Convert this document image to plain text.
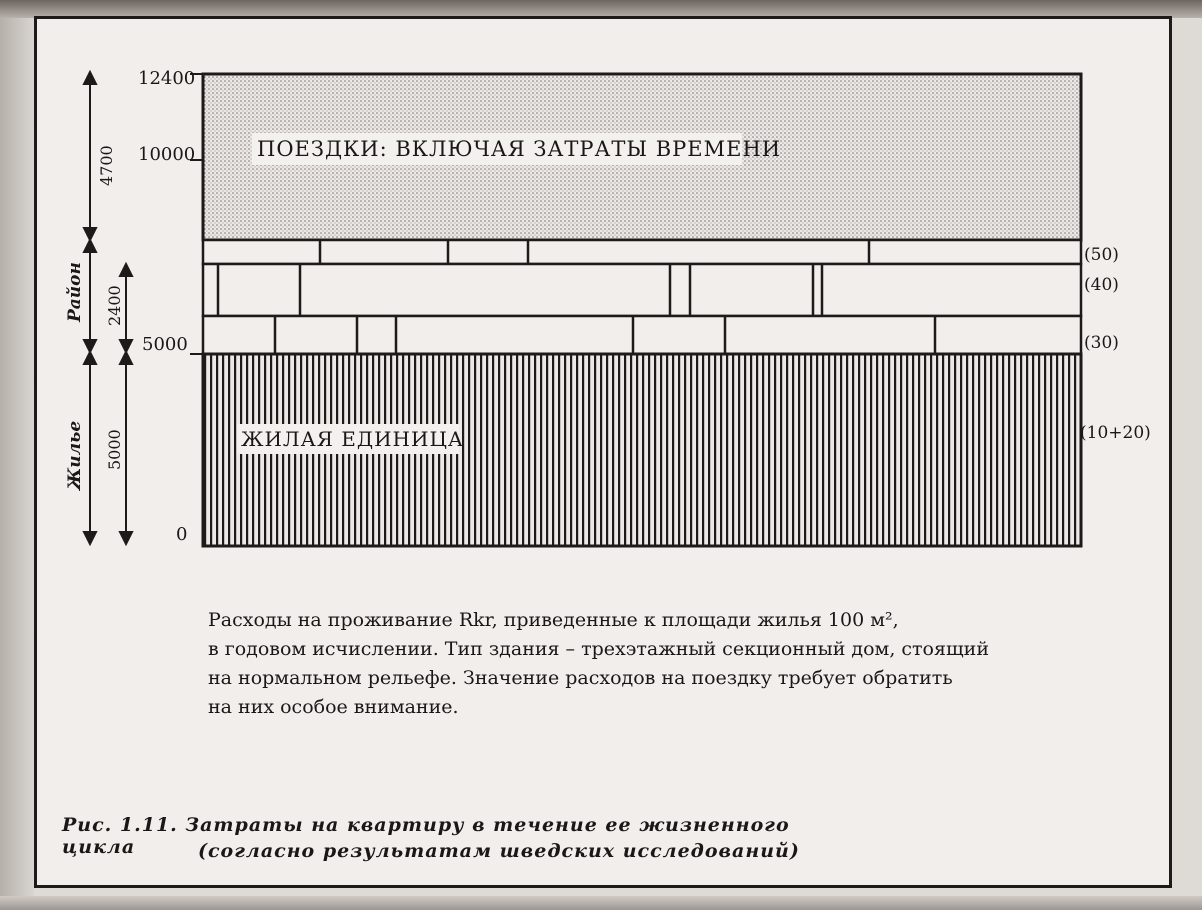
ПОЕЗДКИ: ВКЛЮЧАЯ ЗАТРАТЫ ВРЕМЕНИ
ЖИЛАЯ ЕДИНИЦА
12400
10000
5000
0
4700
Район 2400
Жилье 5000
(50)
(40)
(30)
(10+20)
Расходы на проживание Rkr, приведенные к площади жилья 100 м²,
в годовом исчислении. Тип здания – трехэтажный секционный дом, стоящий
на нормальном рельефе. Значение расходов на поездку требует обратить
на них особое внимание.
Рис. 1.11. Затраты на квартиру в течение ее жизненного цикла	(согласно результатам шведских исследований)
